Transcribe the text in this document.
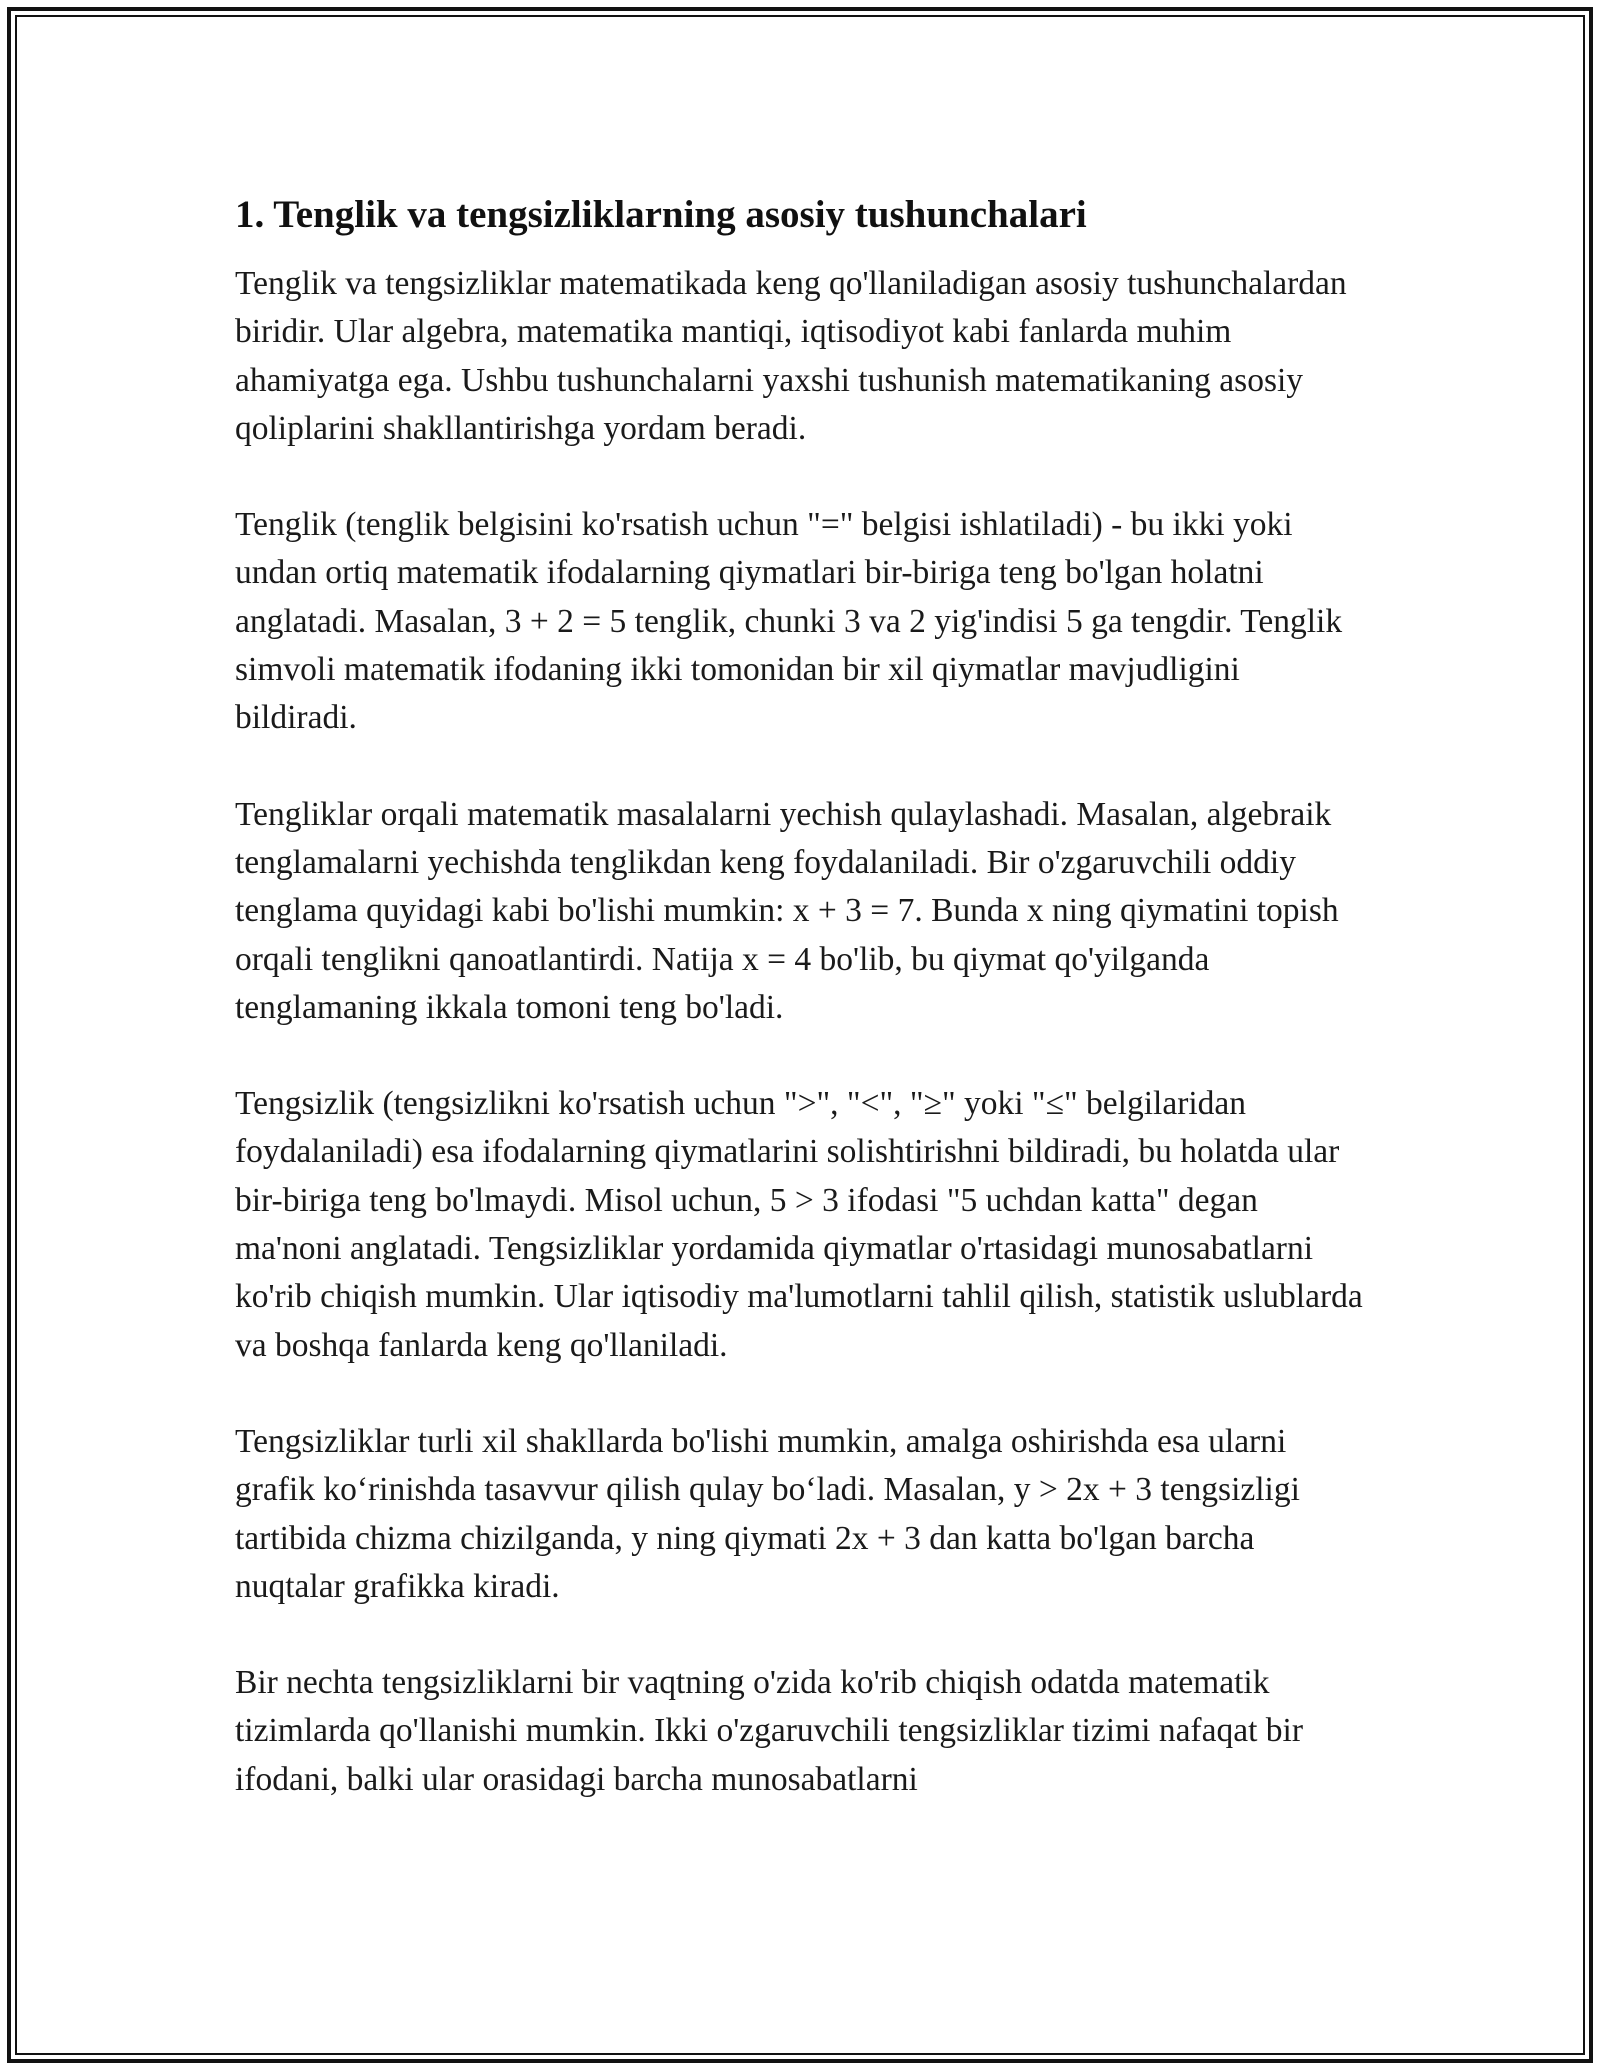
1. Tenglik va tengsizliklarning asosiy tushunchalari

Tenglik va tengsizliklar matematikada keng qo'llaniladigan asosiy tushunchalardan biridir. Ular algebra, matematika mantiqi, iqtisodiyot kabi fanlarda muhim ahamiyatga ega. Ushbu tushunchalarni yaxshi tushunish matematikaning asosiy qoliplarini shakllantirishga yordam beradi.

Tenglik (tenglik belgisini ko'rsatish uchun "=" belgisi ishlatiladi) - bu ikki yoki undan ortiq matematik ifodalarning qiymatlari bir-biriga teng bo'lgan holatni anglatadi. Masalan, 3 + 2 = 5 tenglik, chunki 3 va 2 yig'indisi 5 ga tengdir. Tenglik simvoli matematik ifodaning ikki tomonidan bir xil qiymatlar mavjudligini bildiradi.

Tengliklar orqali matematik masalalarni yechish qulaylashadi. Masalan, algebraik tenglamalarni yechishda tenglikdan keng foydalaniladi. Bir o'zgaruvchili oddiy tenglama quyidagi kabi bo'lishi mumkin: x + 3 = 7. Bunda x ning qiymatini topish orqali tenglikni qanoatlantirdi. Natija x = 4 bo'lib, bu qiymat qo'yilganda tenglamaning ikkala tomoni teng bo'ladi.

Tengsizlik (tengsizlikni ko'rsatish uchun ">", "<", "≥" yoki "≤" belgilaridan foydalaniladi) esa ifodalarning qiymatlarini solishtirishni bildiradi, bu holatda ular bir-biriga teng bo'lmaydi. Misol uchun, 5 > 3 ifodasi "5 uchdan katta" degan ma'noni anglatadi. Tengsizliklar yordamida qiymatlar o'rtasidagi munosabatlarni ko'rib chiqish mumkin. Ular iqtisodiy ma'lumotlarni tahlil qilish, statistik uslublarda va boshqa fanlarda keng qo'llaniladi.

Tengsizliklar turli xil shakllarda bo'lishi mumkin, amalga oshirishda esa ularni grafik ko‘rinishda tasavvur qilish qulay bo‘ladi. Masalan, y > 2x + 3 tengsizligi tartibida chizma chizilganda, y ning qiymati 2x + 3 dan katta bo'lgan barcha nuqtalar grafikka kiradi.

Bir nechta tengsizliklarni bir vaqtning o'zida ko'rib chiqish odatda matematik tizimlarda qo'llanishi mumkin. Ikki o'zgaruvchili tengsizliklar tizimi nafaqat bir ifodani, balki ular orasidagi barcha munosabatlarni
